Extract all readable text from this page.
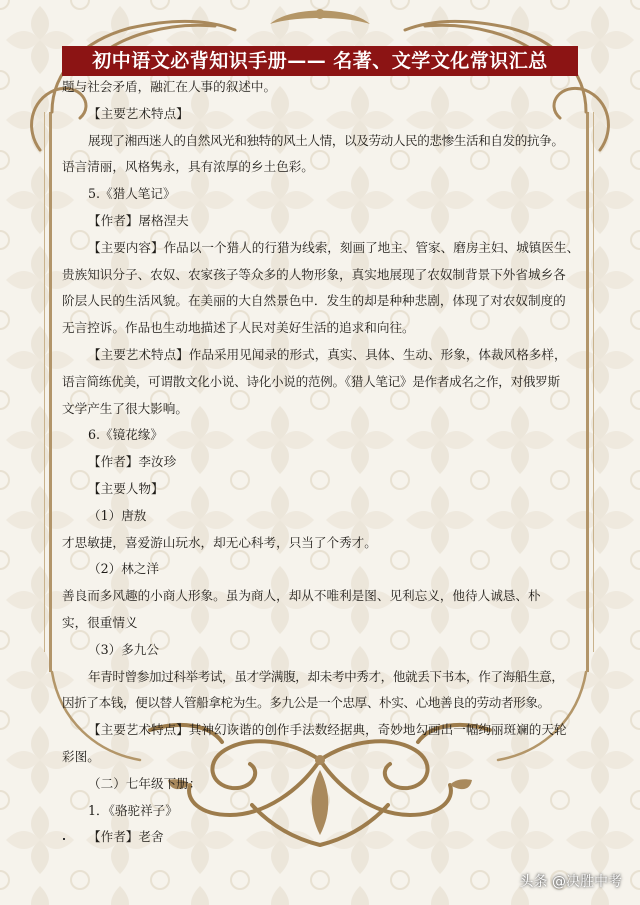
初中语文必背知识手册—— 名著、文学文化常识汇总

题与社会矛盾，融汇在人事的叙述中。

【主要艺术特点】

展现了湘西迷人的自然风光和独特的风土人情，以及劳动人民的悲惨生活和自发的抗争。

语言清丽，风格隽永，具有浓厚的乡土色彩。

5.《猎人笔记》

【作者】屠格涅夫

【主要内容】作品以一个猎人的行猎为线索，刻画了地主、管家、磨房主妇、城镇医生、

贵族知识分子、农奴、农家孩子等众多的人物形象，真实地展现了农奴制背景下外省城乡各

阶层人民的生活风貌。在美丽的大自然景色中．发生的却是种种悲剧，体现了对农奴制度的

无言控诉。作品也生动地描述了人民对美好生活的追求和向往。

【主要艺术特点】作品采用见闻录的形式，真实、具体、生动、形象，体裁风格多样，

语言简练优美，可谓散文化小说、诗化小说的范例。《猎人笔记》是作者成名之作，对俄罗斯

文学产生了很大影响。

6.《镜花缘》

【作者】李汝珍

【主要人物】

（1）唐敖

才思敏捷，喜爱游山玩水，却无心科考，只当了个秀才。

（2）林之洋

善良而多风趣的小商人形象。虽为商人，却从不唯利是图、见利忘义，他待人诚恳、朴

实，很重情义

（3）多九公

年青时曾参加过科举考试，虽才学满腹，却未考中秀才，他就丢下书本，作了海船生意，

因折了本钱，便以替人管船拿柁为生。多九公是一个忠厚、朴实、心地善良的劳动者形象。

【主要艺术特点】其神幻诙谐的创作手法数经据典，奇妙地勾画出一幅绚丽斑斓的天轮

彩图。

（二）七年级下册：

1．《骆驼祥子》

【作者】老舍

头条 @决胜中考
